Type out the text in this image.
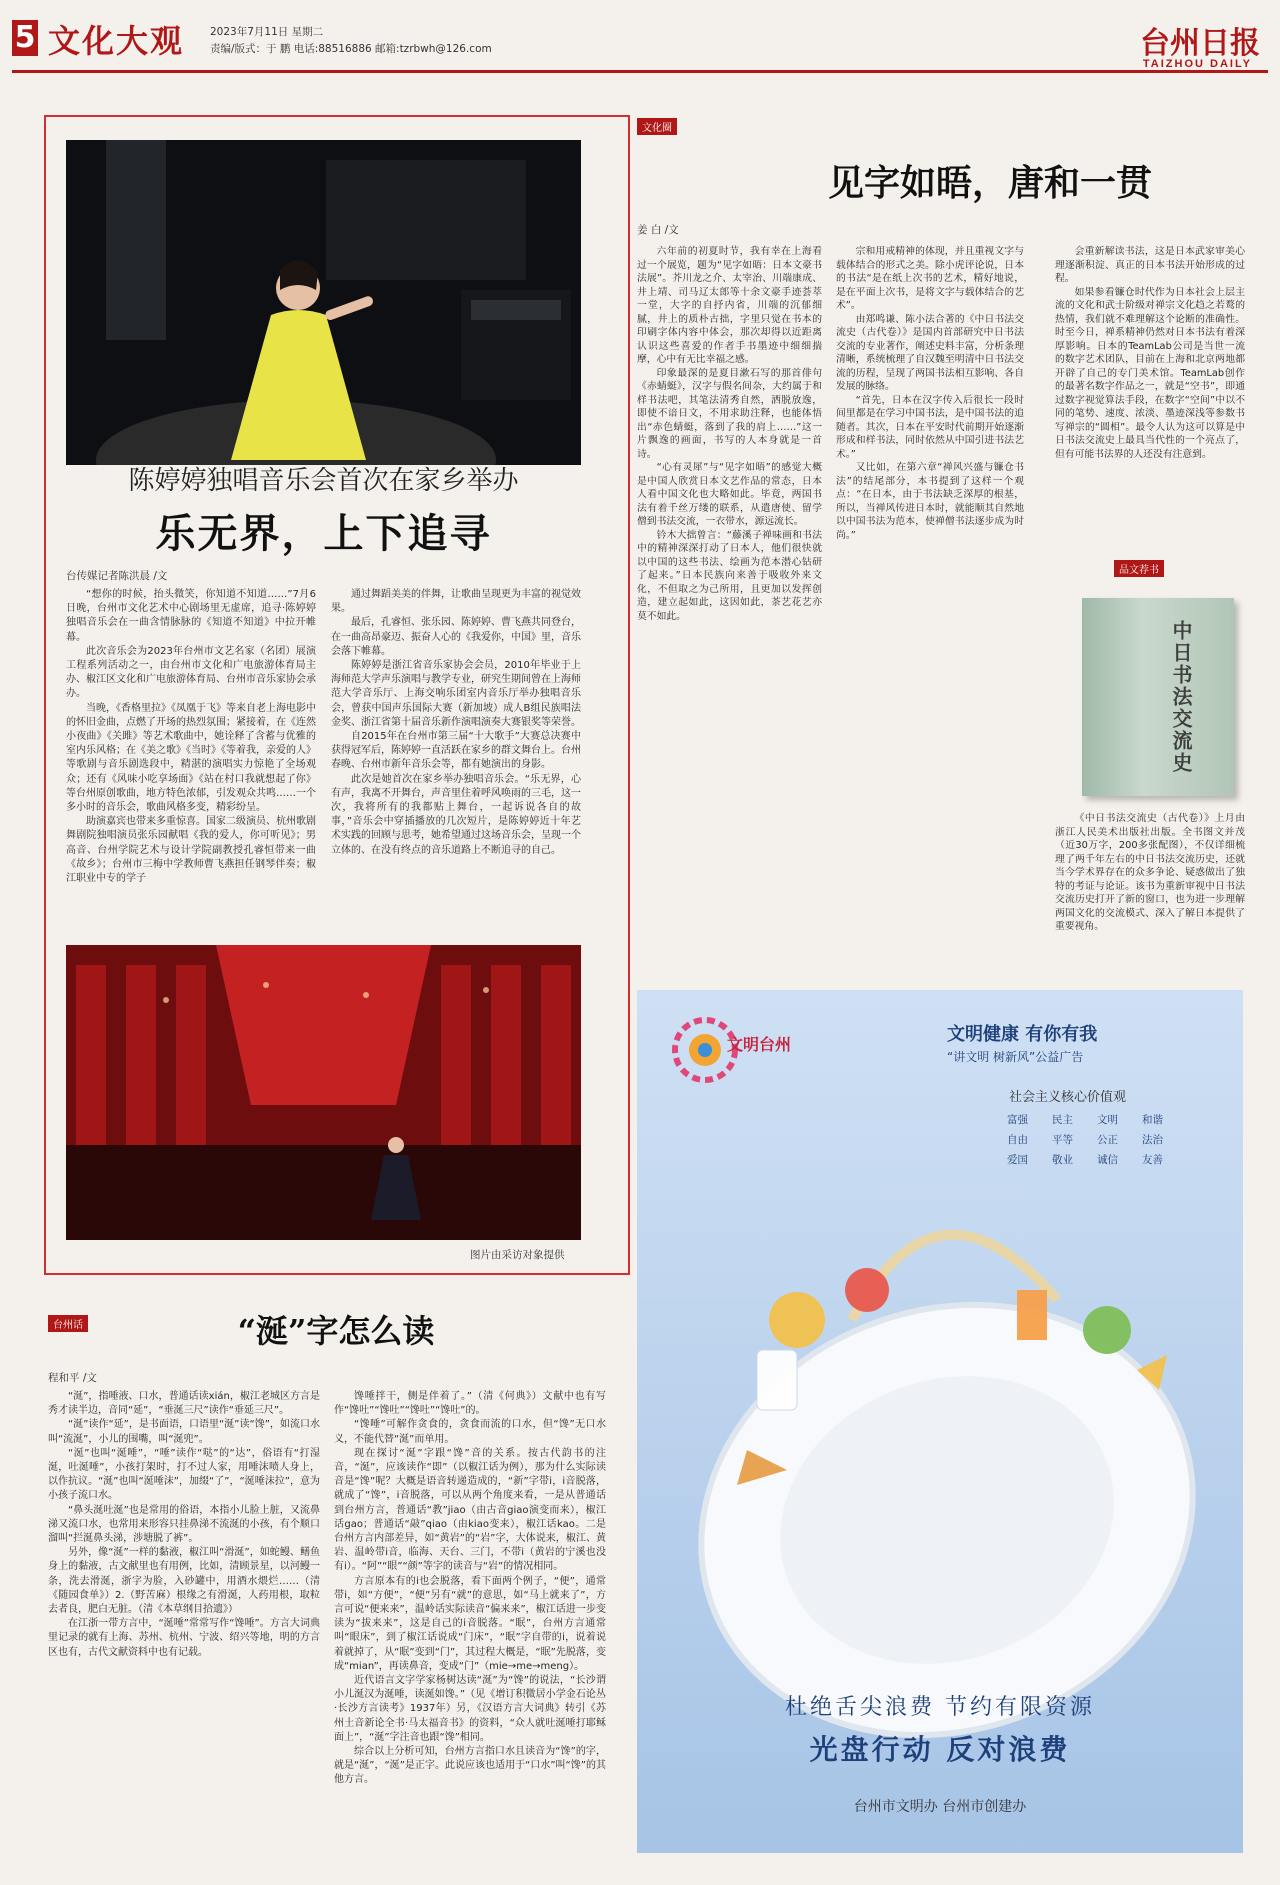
5 文化大观 2023年7月11日 星期二
责编/版式：于 鹏 电话:88516886 邮箱:tzrbwh@126.com	台州日报
TAIZHOU DAILY
陈婷婷独唱音乐会首次在家乡举办
乐无界，上下追寻
台传媒记者陈洪晨 /文

“想你的时候，抬头微笑，你知道不知道……”7月6日晚，台州市文化艺术中心剧场里无虚席，追寻·陈婷婷独唱音乐会在一曲含情脉脉的《知道不知道》中拉开帷幕。

此次音乐会为2023年台州市文艺名家（名团）展演工程系列活动之一，由台州市文化和广电旅游体育局主办、椒江区文化和广电旅游体育局、台州市音乐家协会承办。

当晚，《香格里拉》《凤凰于飞》等来自老上海电影中的怀旧金曲，点燃了开场的热烈氛围；紧接着，在《连然小夜曲》《关雎》等艺术歌曲中，她诠释了含蓄与优雅的室内乐风格；在《美之歌》《当时》《等着我，亲爱的人》等歌剧与音乐剧选段中，精湛的演唱实力惊艳了全场观众；还有《风味小吃享场面》《站在村口我就想起了你》等台州原创歌曲，地方特色浓郁，引发观众共鸣……一个多小时的音乐会，歌曲风格多变，精彩纷呈。

助演嘉宾也带来多重惊喜。国家二级演员、杭州歌剧舞剧院独唱演员张乐园献唱《我的爱人，你可听见》；男高音、台州学院艺术与设计学院副教授孔睿恒带来一曲《故乡》；台州市三梅中学教师曹飞燕担任钢琴伴奏；椒江职业中专的学子

通过舞蹈美美的伴舞，让歌曲呈现更为丰富的视觉效果。

最后，孔睿恒、张乐园、陈婷婷、曹飞燕共同登台，在一曲高昂豪迈、振奋人心的《我爱你，中国》里，音乐会落下帷幕。

陈婷婷是浙江省音乐家协会会员，2010年毕业于上海师范大学声乐演唱与教学专业，研究生期间曾在上海师范大学音乐厅、上海交响乐团室内音乐厅举办独唱音乐会，曾获中国声乐国际大赛（新加坡）成人B组民族唱法金奖、浙江省第十届音乐新作演唱演奏大赛银奖等荣誉。

自2015年在台州市第三届“十大歌手”大赛总决赛中获得冠军后，陈婷婷一直活跃在家乡的群文舞台上。台州春晚、台州市新年音乐会等，都有她演出的身影。

此次是她首次在家乡举办独唱音乐会。“乐无界，心有声，我离不开舞台，声音里住着呼风唤雨的三毛，这一次，我将所有的我都贴上舞台，一起诉说各自的故事，”音乐会中穿插播放的几次短片，是陈婷婷近十年艺术实践的回顾与思考，她希望通过这场音乐会，呈现一个立体的、在没有终点的音乐道路上不断追寻的自己。

图片由采访对象提供
文化圈
见字如晤，唐和一贯
姜 白 /文

六年前的初夏时节，我有幸在上海看过一个展览，题为“见字如晤：日本文豪书法展”。芥川龙之介、太宰治、川端康成、井上靖、司马辽太郎等十余文豪手迹荟萃一堂，大字的自抒内省，川端的沉郁细腻，井上的质朴古拙，字里只觉在书本的印刷字体内容中体会，那次却得以近距离认识这些喜爱的作者手书墨迹中细细揣摩，心中有无比幸福之感。

印象最深的是夏目漱石写的那首俳句《赤蜻蜓》，汉字与假名间杂，大约属于和样书法吧，其笔法清秀自然，洒脱放逸，即使不谙日文，不用求助注释，也能体悟出“赤色蜻蜓，落到了我的肩上……”这一片飘逸的画面，书写的人本身就是一首诗。

“心有灵犀”与“见字如晤”的感觉大概是中国人欣赏日本文艺作品的常态，日本人看中国文化也大略如此。毕竟，两国书法有着千丝万缕的联系，从遣唐使、留学僧到书法交流，一衣带水，源远流长。

钤木大拙曾言：“藤溪子禅味画和书法中的精神深深打动了日本人，他们很快就以中国的这些书法、绘画为范本潜心钻研了起来。”日本民族向来善于吸收外来文化，不但取之为己所用，且更加以发挥创造，建立起如此，这因如此，茶艺花艺亦莫不如此。

宗和用戒精神的体现，并且重视文字与载体结合的形式之美。除小虎评论说，日本的书法“是在纸上次书的艺术，精好地说，是在平面上次书，是将文字与载体结合的艺术”。

由郑鸣谦、陈小法合著的《中日书法交流史（古代卷）》是国内首部研究中日书法交流的专业著作，阐述史料丰富，分析条理清晰，系统梳理了自汉魏至明清中日书法交流的历程，呈现了两国书法相互影响、各自发展的脉络。

“首先，日本在汉字传入后很长一段时间里都是在学习中国书法，是中国书法的追随者。其次，日本在平安时代前期开始逐渐形成和样书法，同时依然从中国引进书法艺术。”

又比如，在第六章“禅风兴盛与镰仓书法”的结尾部分，本书提到了这样一个观点：“在日本，由于书法缺乏深厚的根基，所以，当禅风传进日本时，就能顺其自然地以中国书法为范本，使禅僧书法逐步成为时尚。”

会重新解读书法，这是日本武家审美心理逐渐积淀、真正的日本书法开始形成的过程。

如果参看镰仓时代作为日本社会上层主流的文化和武士阶级对禅宗文化趋之若鹜的热情，我们就不难理解这个论断的准确性。时至今日，禅系精神仍然对日本书法有着深厚影响。日本的TeamLab公司是当世一流的数字艺术团队，目前在上海和北京两地都开辟了自己的专门美术馆。TeamLab创作的最著名数字作品之一，就是“空书”，即通过数字视觉算法手段，在数字“空间”中以不同的笔势、速度、浓淡、墨迹深浅等参数书写禅宗的“圆相”。最令人认为这可以算是中日书法交流史上最具当代性的一个亮点了，但有可能书法界的人还没有注意到。

品文荐书
中日书法交流史

《中日书法交流史（古代卷）》上月由浙江人民美术出版社出版。全书图文并茂（近30万字，200多张配图），不仅详细梳理了两千年左右的中日书法交流历史，还就当今学术界存在的众多争论、疑惑做出了独特的考证与论证。该书为重新审视中日书法交流历史打开了新的窗口，也为进一步理解两国文化的交流模式、深入了解日本提供了重要视角。

台州话	“涎”字怎么读
程和平 /文

“涎”，指唾液、口水，普通话读xián，椒江老城区方言是秀才读半边，音同“延”，“垂涎三尺”读作“垂延三尺”。

“涎”读作“延”，是书面语，口语里“涎”读“馋”，如流口水叫“流涎”，小儿的围嘴，叫“涎兜”。

“涎”也叫“涎唾”，“唾”读作“哒”的“达”，俗语有“打湿涎，吐涎唾”，小孩打架时，打不过人家，用唾沫喷人身上，以作抗议。“涎”也叫“涎唾沫”，加缀“了”，“涎唾沫拉”，意为小孩子流口水。

“鼻头涎吐涎”也是常用的俗语，本指小儿脸上脏，又流鼻涕又流口水，也常用来形容只挂鼻涕不流涎的小孩，有个顺口溜叫“拦涎鼻头涕，涉塘脱了裤”。

另外，像“涎”一样的黏液，椒江叫“滑涎”，如蛇鳗、鳝鱼身上的黏液，古文献里也有用例，比如，清顾景星，以河鳗一条，洗去滑涎，浙字为脸，入砂罐中，用酒水煨烂……（清《随园食单》）2.（野苦麻）根缘之有滑涎，人药用根，取粒去者良，肥白无脏。（清《本草纲目拾遗》）

在江浙一带方言中，“涎唾”常常写作“馋唾”。方言大词典里记录的就有上海、苏州、杭州、宁波、绍兴等地，明的方言区也有，古代文献资料中也有记载。

馋唾拌干，侧是伴着了。”（清《何典》）文献中也有写作“馋吐”“馋吐”“馋吐”“馋吐”的。

“馋唾”可解作贪食的，贪食而流的口水，但“馋”无口水义，不能代替“涎”而单用。

现在探讨“涎”字跟“馋”音的关系。按古代韵书的注音，“涎”，应该读作“即”（以椒江话为例），那为什么实际读音是“馋”呢？大概是语音转递造成的，“新”字带i，i音脱落，就成了“馋”，i音脱落，可以从两个角度来看，一是从普通话到台州方言，普通话“教”jiao（由古音giao演变而来），椒江话gao；普通话“敲”qiao（由kiao变来），椒江话kao。二是台州方言内部差异，如“黄岩”的“岩”字，大体说来，椒江、黄岩、温岭带i音，临海、天台、三门，不带i（黄岩的宁溪也没有i）。“阿”“眼”“颜”等字的读音与“岩”的情况相同。

方言原本有的i也会脱落，看下面两个例子，“便”，通常带i，如“方便”，“便”另有“就”的意思，如“马上就来了”，方言可说“便来来”，温岭话实际读音“偏来来”，椒江话进一步变读为“拔来来”，这是自己的i音脱落。“眠”，台州方言通常叫“眼床”，到了椒江话说成“门床”，“眠”字自带的i，说着说着就掉了，从“眠”变到“门”，其过程大概是，“眠”先脱落，变成“mian”，再读鼻音，变成“门”（mie→me→meng）。

近代语言文字学家杨树达读“涎”为“馋”的说法，“长沙谓小儿涎汉为涎唾，读涎如馋。”（见《增订积微居小学金石论丛·长沙方言读考》1937年）另，《汉语方言大词典》转引《苏州土音新论全书·马太福音书》的资料，“众人就吐涎唾打耶稣面上”，“涎”字注音也跟“馋”相同。

综合以上分析可知，台州方言指口水且读音为“馋”的字，就是“涎”，“涎”是正字。此说应该也适用于“口水”叫“馋”的其他方言。

文明台州	文明健康 有你有我
“讲文明 树新风”公益广告
社会主义核心价值观
富强	民主	文明	和谐
自由	平等	公正	法治
爱国	敬业	诚信	友善
杜绝舌尖浪费 节约有限资源
光盘行动 反对浪费
台州市文明办 台州市创建办
